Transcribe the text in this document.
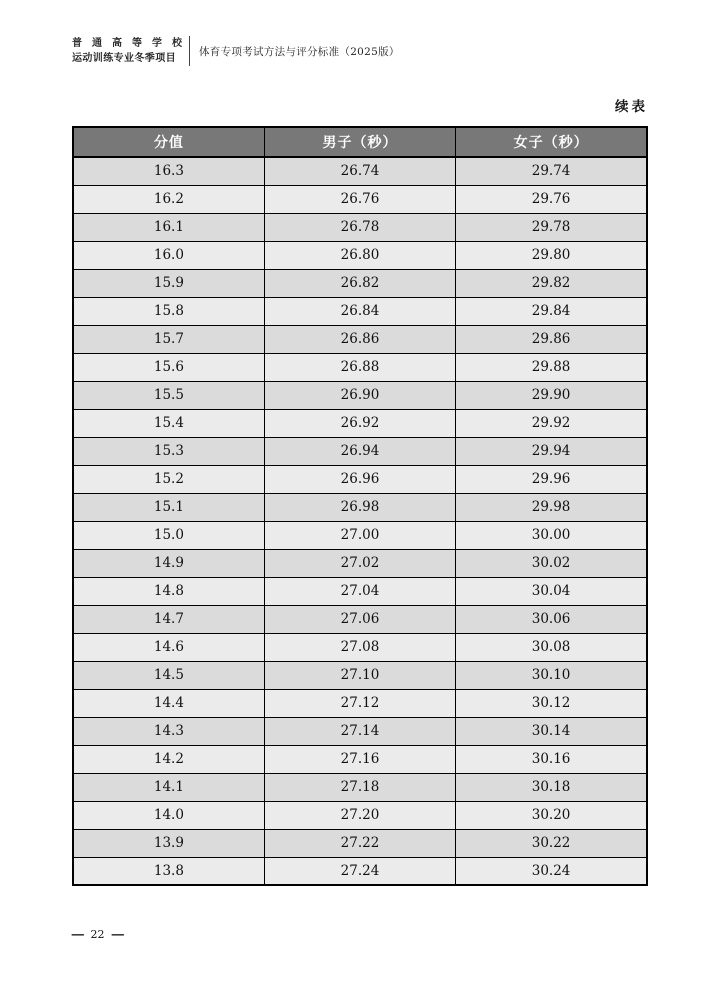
普 通 高 等 学 校
运动训练专业冬季项目
体育专项考试方法与评分标准（2025版）
续表
分值	男子（秒）	女子（秒）
16.3	26.74	29.74
16.2	26.76	29.76
16.1	26.78	29.78
16.0	26.80	29.80
15.9	26.82	29.82
15.8	26.84	29.84
15.7	26.86	29.86
15.6	26.88	29.88
15.5	26.90	29.90
15.4	26.92	29.92
15.3	26.94	29.94
15.2	26.96	29.96
15.1	26.98	29.98
15.0	27.00	30.00
14.9	27.02	30.02
14.8	27.04	30.04
14.7	27.06	30.06
14.6	27.08	30.08
14.5	27.10	30.10
14.4	27.12	30.12
14.3	27.14	30.14
14.2	27.16	30.16
14.1	27.18	30.18
14.0	27.20	30.20
13.9	27.22	30.22
13.8	27.24	30.24
— 22 —
